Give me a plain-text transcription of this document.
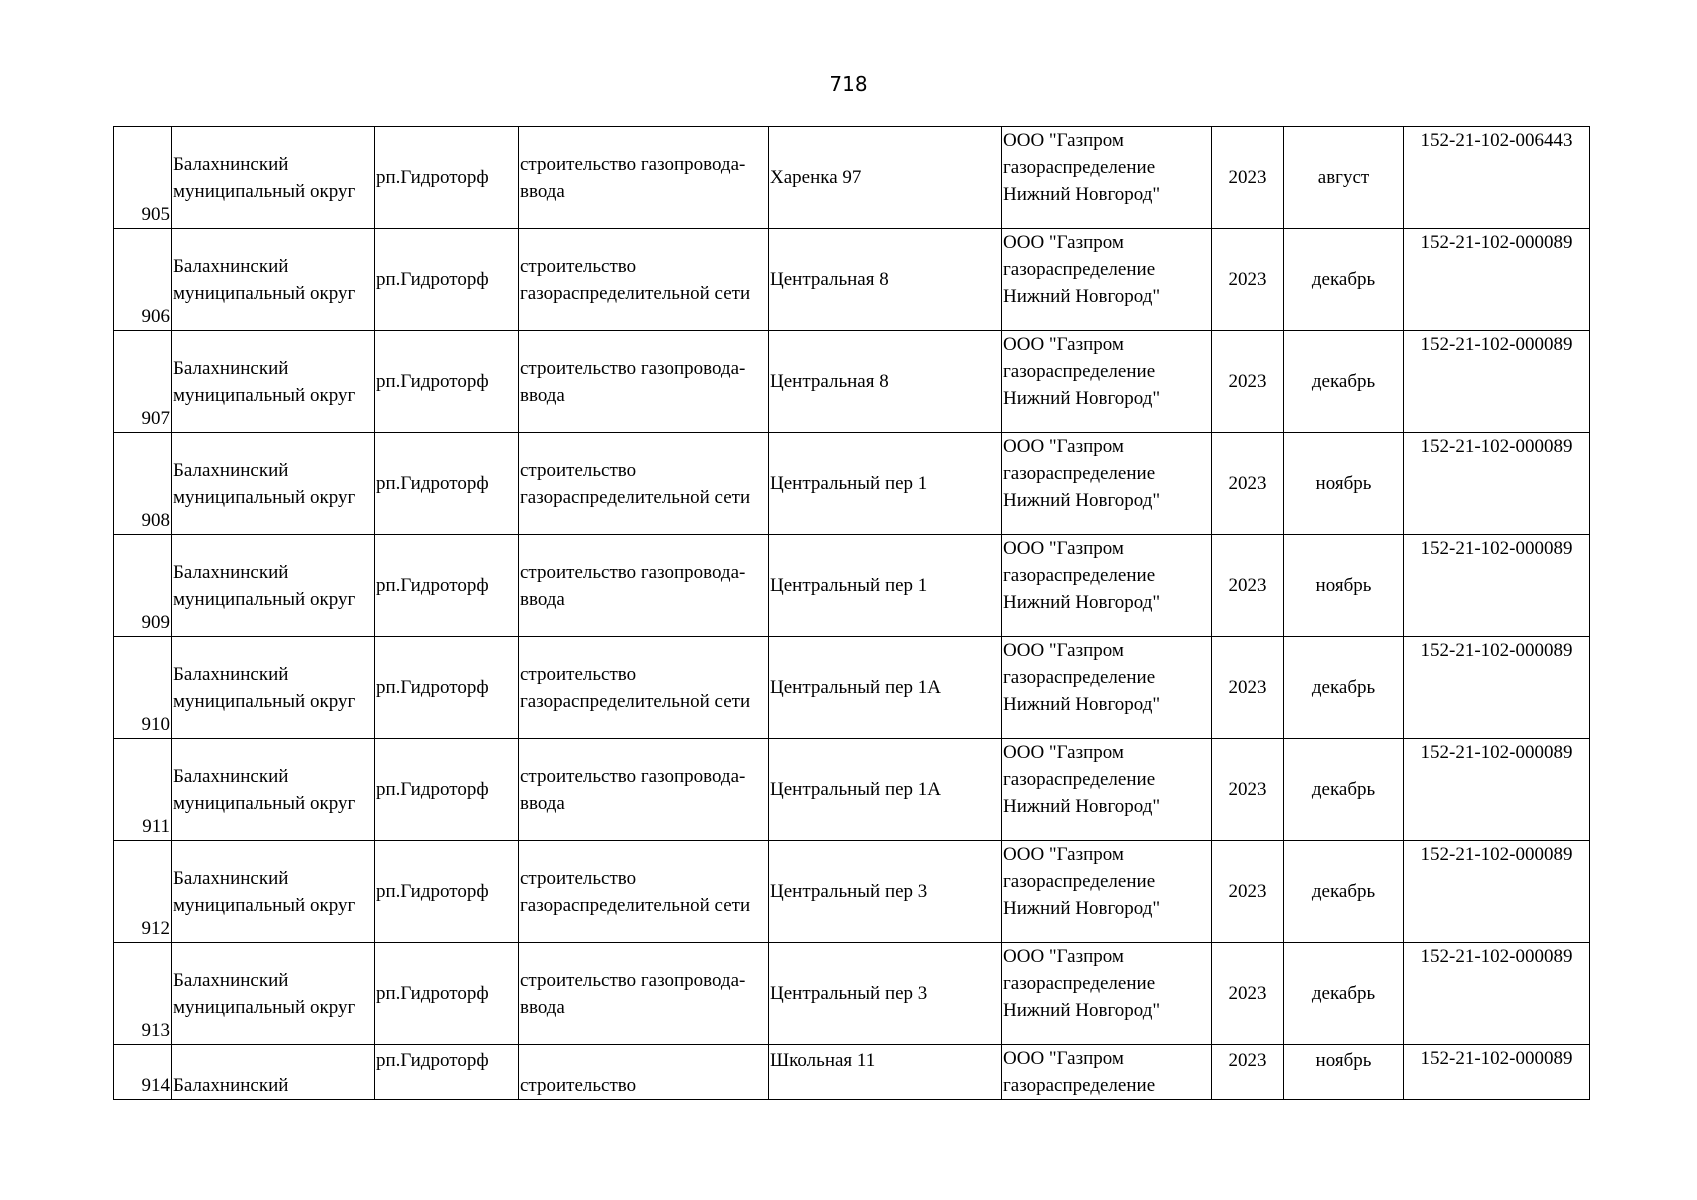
718
905	Балахнинский
муниципальный округ	рп.Гидроторф	строительство газопровода-
ввода	Харенка 97	ООО "Газпром
газораспределение
Нижний Новгород"	2023	август	152-21-102-006443
906	Балахнинский
муниципальный округ	рп.Гидроторф	строительство
газораспределительной сети	Центральная 8	ООО "Газпром
газораспределение
Нижний Новгород"	2023	декабрь	152-21-102-000089
907	Балахнинский
муниципальный округ	рп.Гидроторф	строительство газопровода-
ввода	Центральная 8	ООО "Газпром
газораспределение
Нижний Новгород"	2023	декабрь	152-21-102-000089
908	Балахнинский
муниципальный округ	рп.Гидроторф	строительство
газораспределительной сети	Центральный пер 1	ООО "Газпром
газораспределение
Нижний Новгород"	2023	ноябрь	152-21-102-000089
909	Балахнинский
муниципальный округ	рп.Гидроторф	строительство газопровода-
ввода	Центральный пер 1	ООО "Газпром
газораспределение
Нижний Новгород"	2023	ноябрь	152-21-102-000089
910	Балахнинский
муниципальный округ	рп.Гидроторф	строительство
газораспределительной сети	Центральный пер 1А	ООО "Газпром
газораспределение
Нижний Новгород"	2023	декабрь	152-21-102-000089
911	Балахнинский
муниципальный округ	рп.Гидроторф	строительство газопровода-
ввода	Центральный пер 1А	ООО "Газпром
газораспределение
Нижний Новгород"	2023	декабрь	152-21-102-000089
912	Балахнинский
муниципальный округ	рп.Гидроторф	строительство
газораспределительной сети	Центральный пер 3	ООО "Газпром
газораспределение
Нижний Новгород"	2023	декабрь	152-21-102-000089
913	Балахнинский
муниципальный округ	рп.Гидроторф	строительство газопровода-
ввода	Центральный пер 3	ООО "Газпром
газораспределение
Нижний Новгород"	2023	декабрь	152-21-102-000089
914	Балахнинский	рп.Гидроторф	строительство	Школьная 11	ООО "Газпром
газораспределение	2023	ноябрь	152-21-102-000089
